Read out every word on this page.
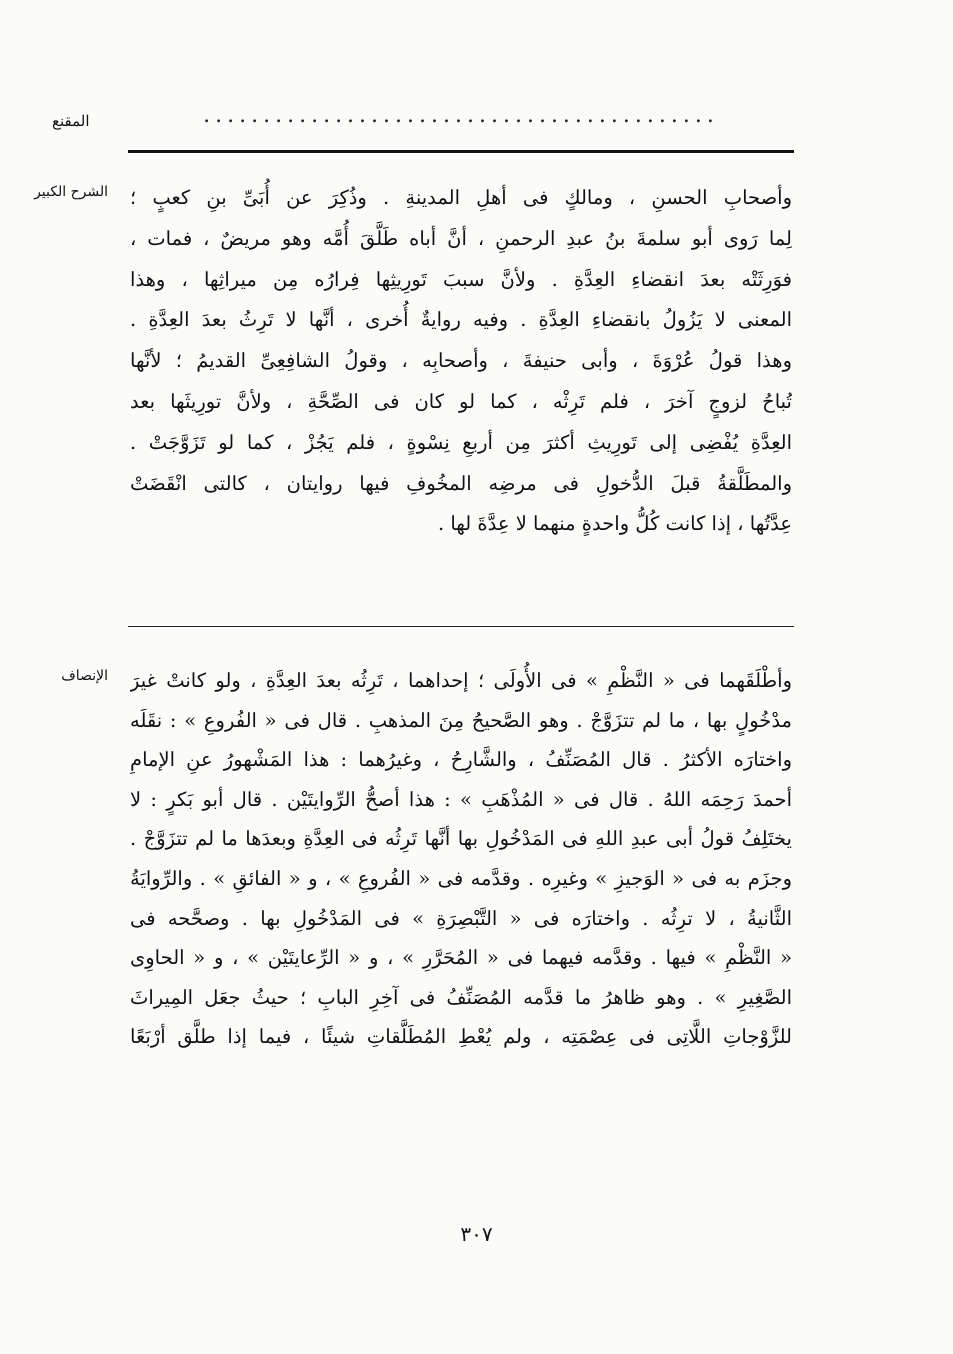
المقنع	...........................................
الشرح الكبير وأصحابِ الحسنِ ، ومالكٍ فى أهلِ المدينةِ . وذُكِرَ عن أُبَىِّ بنِ كعبٍ ؛
لِما رَوى أبو سلمةَ بنُ عبدِ الرحمنِ ، أنَّ أباه طَلَّقَ أُمَّه وهو مريضٌ ، فمات ،
فوَرِثَتْه بعدَ انقضاءِ العِدَّةِ . ولأنَّ سببَ تَورِيثِها فِرارُه مِن ميراثِها ، وهذا
المعنى لا يَزُولُ بانقضاءِ العِدَّةِ . وفيه روايةٌ أُخرى ، أنَّها لا تَرِثُ بعدَ العِدَّةِ .
وهذا قولُ عُرْوَةَ ، وأبى حنيفةَ ، وأصحابِه ، وقولُ الشافِعِىِّ القديمُ ؛ لأنَّها
تُباحُ لزوجٍ آخرَ ، فلم تَرِثْه ، كما لو كان فى الصِّحَّةِ ، ولأنَّ تورِيثَها بعد
العِدَّةِ يُفْضِى إلى تَورِيثِ أكثرَ مِن أربعِ نِسْوةٍ ، فلم يَجُزْ ، كما لو تَزَوَّجَتْ .
والمطَلَّقةُ قبلَ الدُّخولِ فى مرضِه المخُوفِ فيها روايتان ، كالتى انْقَضَتْ
عِدَّتُها ، إذا كانت كُلُّ واحدةٍ منهما لا عِدَّةَ لها .
الإنصاف وأطْلَقَهما فى « النَّظْمِ » فى الأُولَى ؛ إحداهما ، تَرِثُه بعدَ العِدَّةِ ، ولو كانتْ غيرَ
مدْخُولٍ بها ، ما لم تتزَوَّجْ . وهو الصَّحيحُ مِنَ المذهبِ . قال فى « الفُروعِ » : نقَلَه
واختارَه الأكثرُ . قال المُصَنِّفُ ، والشَّارِحُ ، وغيرُهما : هذا المَشْهورُ عنِ الإمامِ
أحمدَ رَحِمَه اللهُ . قال فى « المُذْهَبِ » : هذا أصحُّ الرِّوايتَيْن . قال أبو بَكرٍ : لا
يختَلِفُ قولُ أبى عبدِ اللهِ فى المَدْخُولِ بها أنَّها تَرِثُه فى العِدَّةِ وبعدَها ما لم تتزَوَّجْ .
وجزَم به فى « الوَجيزِ » وغيرِه . وقدَّمه فى « الفُروعِ » ، و « الفائقِ » . والرِّوايَةُ
الثَّانيةُ ، لا ترِثُه . واختارَه فى « التَّبْصِرَةِ » فى المَدْخُولِ بها . وصحَّحه فى
« النَّظْمِ » فيها . وقدَّمه فيهما فى « المُحَرَّرِ » ، و « الرِّعايتَيْن » ، و « الحاوِى
الصَّغِيرِ » . وهو ظاهرُ ما قدَّمه المُصَنِّفُ فى آخِرِ البابِ ؛ حيثُ جعَل المِيراثَ
للزَّوْجاتِ اللَّاتِى فى عِصْمَتِه ، ولم يُعْطِ المُطَلَّقاتِ شيئًا ، فيما إذا طلَّق أرْبَعًا
٣٠٧
